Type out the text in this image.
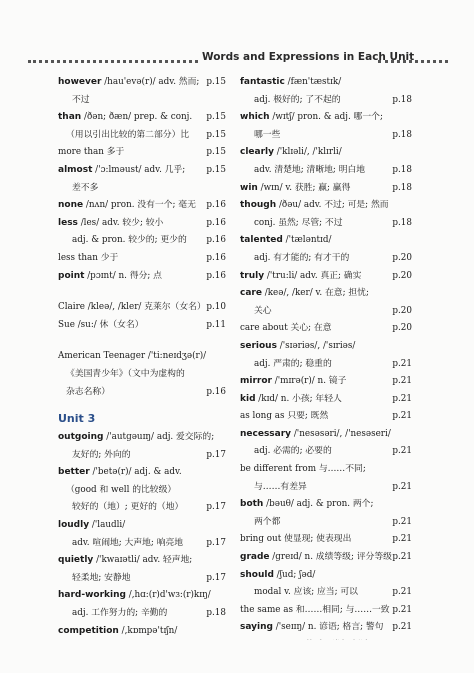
Words and Expressions in Each Unit
however /hau'evə(r)/ adv. 然而; p.15
不过
than /ðən; ðæn/ prep. & conj. p.15
（用以引出比较的第二部分）比 p.15
more than 多于	p.15
almost /'ɔ:lməust/ adv. 几乎; p.15
差不多
none /nʌn/ pron. 没有一个; 毫无 p.16
less /les/ adv. 较少; 较小	p.16
adj. & pron. 较少的; 更少的 p.16
less than 少于	p.16
point /pɔɪnt/ n. 得分; 点	p.16
Claire /kleə/, /kler/ 克莱尔（女名） p.10
Sue /su:/ 休（女名）	p.11
American Teenager /'ti:neɪdʒə(r)/
《美国青少年》（文中为虚构的
杂志名称）	p.16
Unit 3
outgoing /'autgəuɪŋ/ adj. 爱交际的;
友好的; 外向的	p.17
better /'betə(r)/ adj. & adv.
（good 和 well 的比较级）
较好的（地）; 更好的（地）	p.17
loudly /'laudli/
adv. 喧闹地; 大声地; 响亮地	p.17
quietly /'kwaɪətli/ adv. 轻声地;
轻柔地; 安静地	p.17
hard-working /,hɑ:(r)d'wɜ:(r)kɪŋ/
adj. 工作努力的; 辛勤的	p.18
competition /,kɒmpə'tɪʃn/
fantastic /fæn'tæstɪk/
adj. 极好的; 了不起的	p.18
which /wɪtʃ/ pron. & adj. 哪一个;
哪一些	p.18
clearly /'klɪəli/, /'klɪrli/
adv. 清楚地; 清晰地; 明白地	p.18
win /wɪn/ v. 获胜; 赢; 赢得	p.18
though /ðəu/ adv. 不过; 可是; 然而
conj. 虽然; 尽管; 不过	p.18
talented /'tæləntɪd/
adj. 有才能的; 有才干的	p.20
truly /'tru:li/ adv. 真正; 确实	p.20
care /keə/, /ker/ v. 在意; 担忧;
关心	p.20
care about 关心; 在意	p.20
serious /'sɪəriəs/, /'sɪriəs/
adj. 严肃的; 稳重的	p.21
mirror /'mɪrə(r)/ n. 镜子	p.21
kid /kɪd/ n. 小孩; 年轻人	p.21
as long as 只要; 既然	p.21
necessary /'nesəsəri/, /'nesəseri/
adj. 必需的; 必要的	p.21
be different from 与……不同;
与……有差异	p.21
both /bəuθ/ adj. & pron. 两个;
两个都	p.21
bring out 使显现; 使表现出	p.21
grade /greɪd/ n. 成绩等级; 评分等级 p.21
should /ʃud; ʃəd/
modal v. 应该; 应当; 可以	p.21
the same as 和……相同; 与……一致 p.21
saying /'seɪɪŋ/ n. 谚语; 格言; 警句 p.21
